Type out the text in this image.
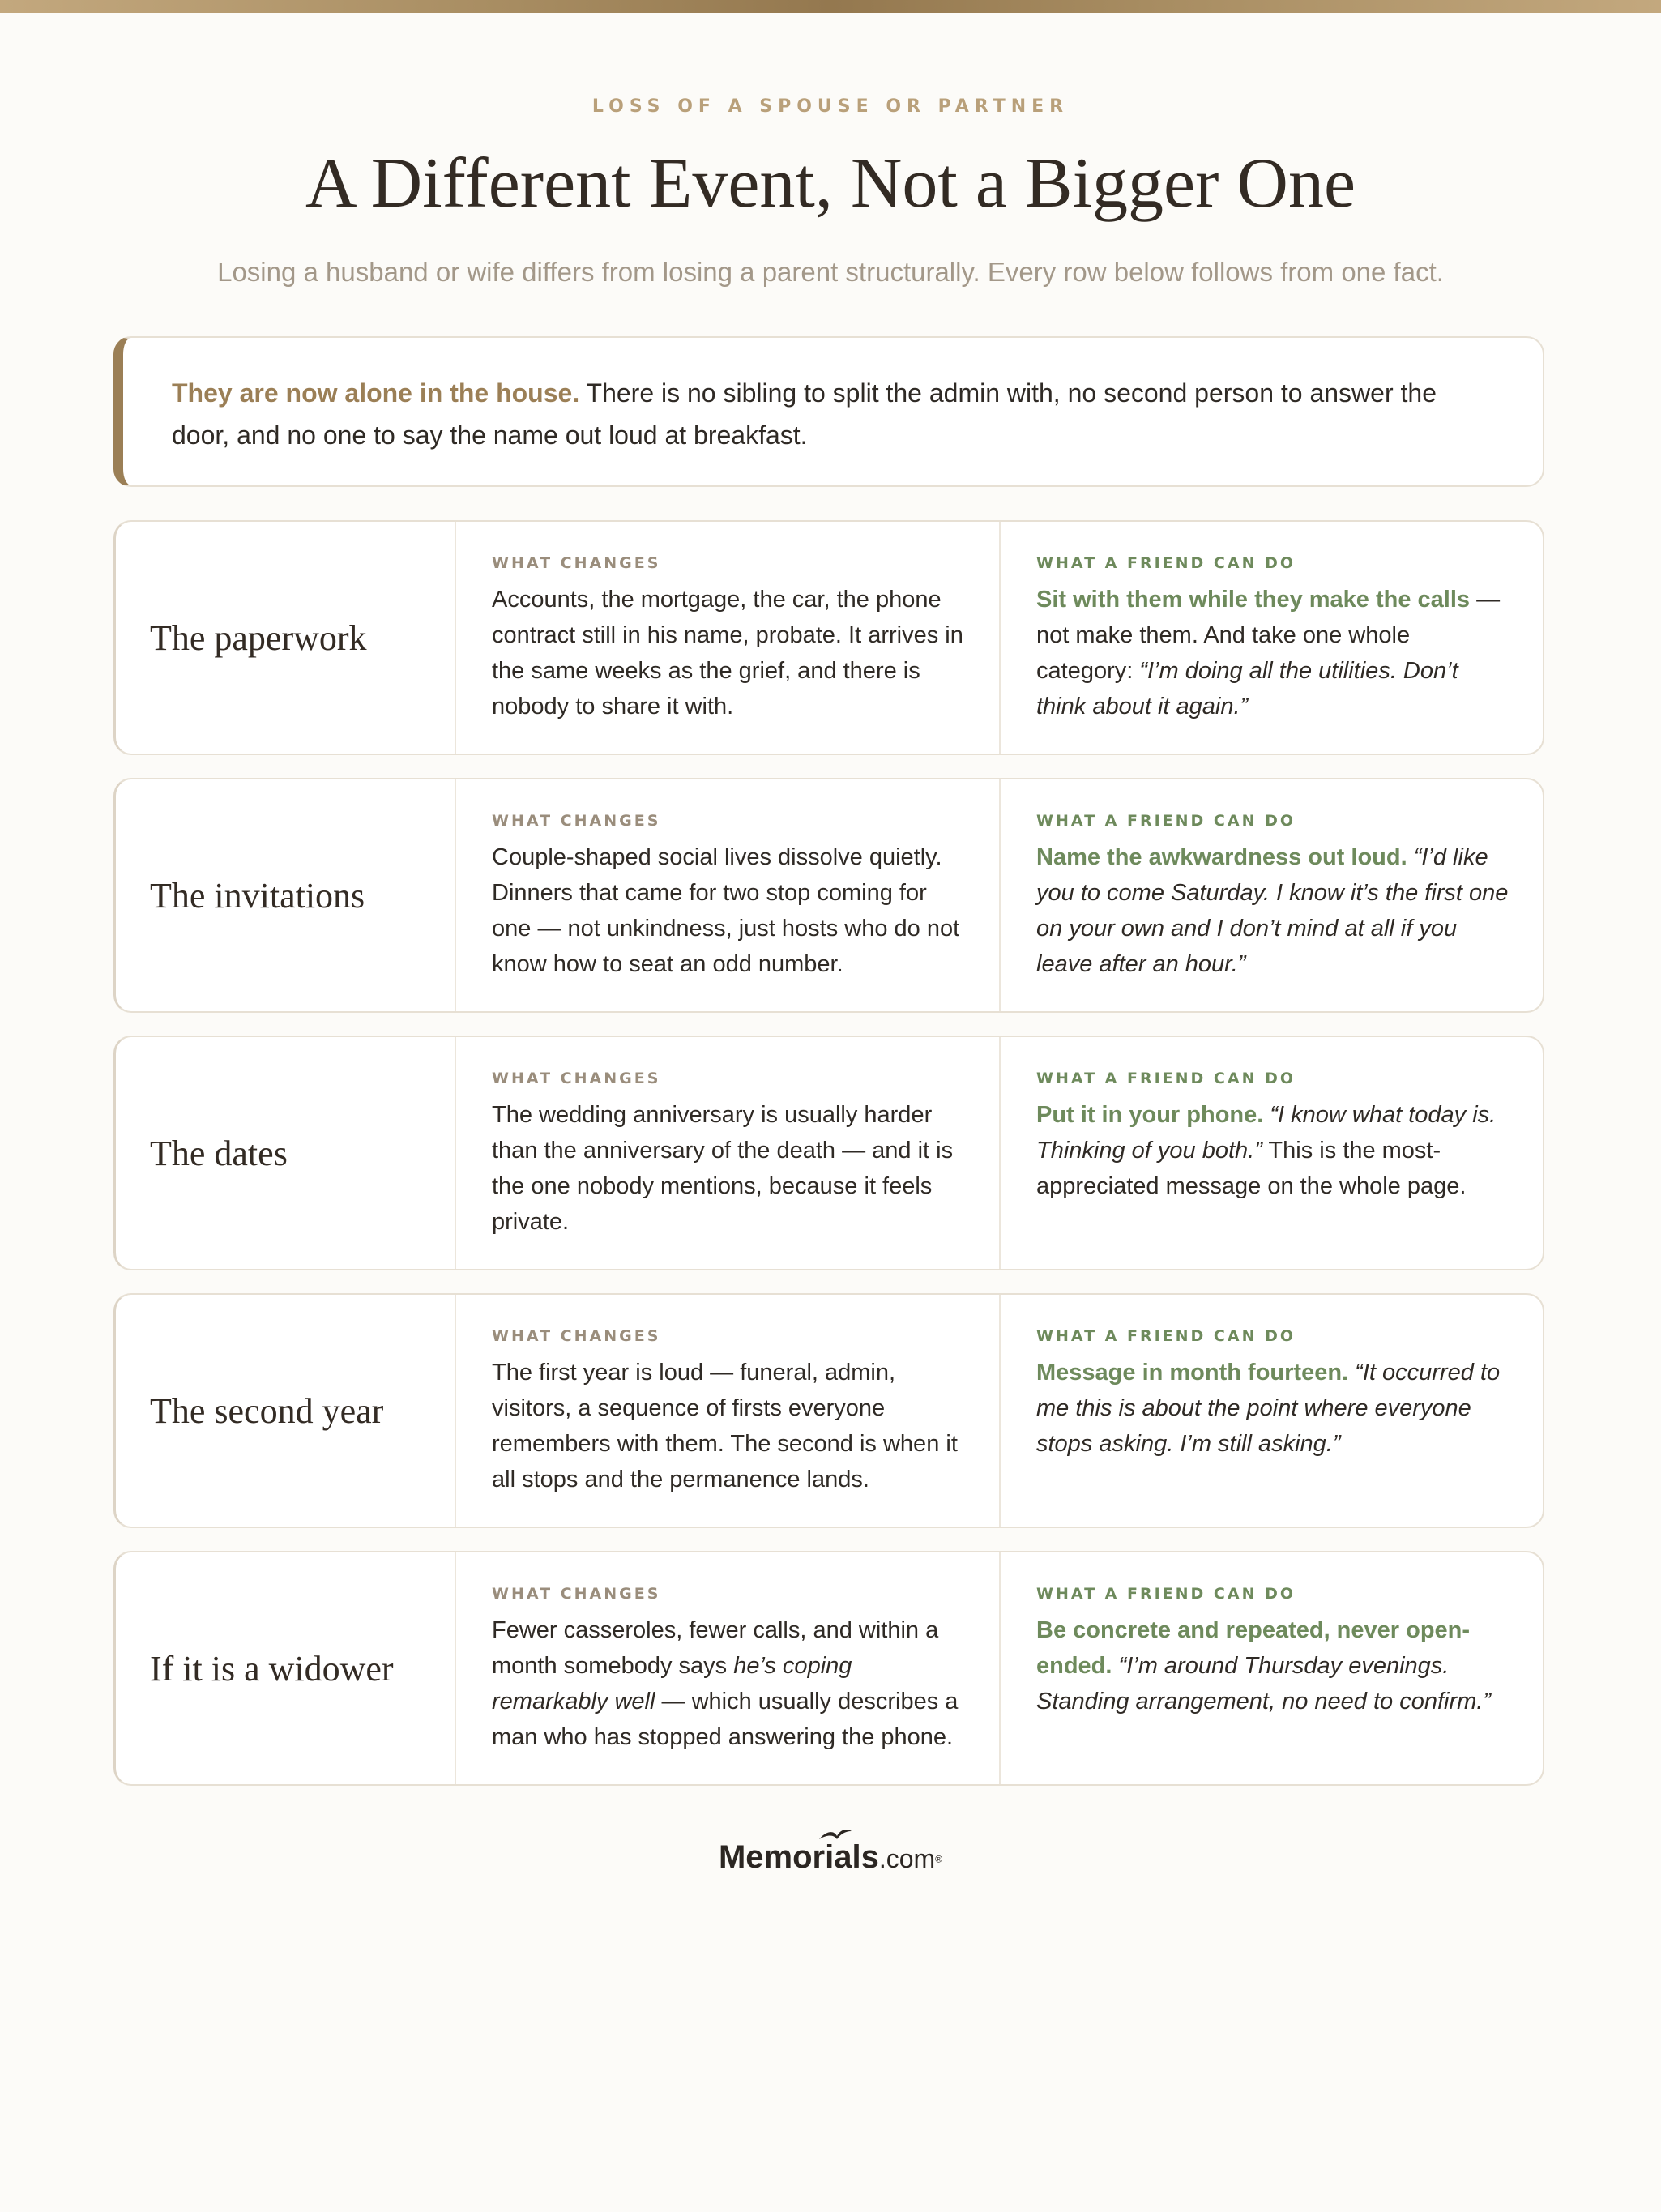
LOSS OF A SPOUSE OR PARTNER
A Different Event, Not a Bigger One
Losing a husband or wife differs from losing a parent structurally. Every row below follows from one fact.
They are now alone in the house. There is no sibling to split the admin with, no second person to answer the door, and no one to say the name out loud at breakfast.
The paperwork
WHAT CHANGES
Accounts, the mortgage, the car, the phone contract still in his name, probate. It arrives in the same weeks as the grief, and there is nobody to share it with.
WHAT A FRIEND CAN DO
Sit with them while they make the calls — not make them. And take one whole category: “I’m doing all the utilities. Don’t think about it again.”
The invitations
WHAT CHANGES
Couple-shaped social lives dissolve quietly. Dinners that came for two stop coming for one — not unkindness, just hosts who do not know how to seat an odd number.
WHAT A FRIEND CAN DO
Name the awkwardness out loud. “I’d like you to come Saturday. I know it’s the first one on your own and I don’t mind at all if you leave after an hour.”
The dates
WHAT CHANGES
The wedding anniversary is usually harder than the anniversary of the death — and it is the one nobody mentions, because it feels private.
WHAT A FRIEND CAN DO
Put it in your phone. “I know what today is. Thinking of you both.” This is the most-appreciated message on the whole page.
The second year
WHAT CHANGES
The first year is loud — funeral, admin, visitors, a sequence of firsts everyone remembers with them. The second is when it all stops and the permanence lands.
WHAT A FRIEND CAN DO
Message in month fourteen. “It occurred to me this is about the point where everyone stops asking. I’m still asking.”
If it is a widower
WHAT CHANGES
Fewer casseroles, fewer calls, and within a month somebody says he’s coping remarkably well — which usually describes a man who has stopped answering the phone.
WHAT A FRIEND CAN DO
Be concrete and repeated, never open-ended. “I’m around Thursday evenings. Standing arrangement, no need to confirm.”
Memorials.com®
